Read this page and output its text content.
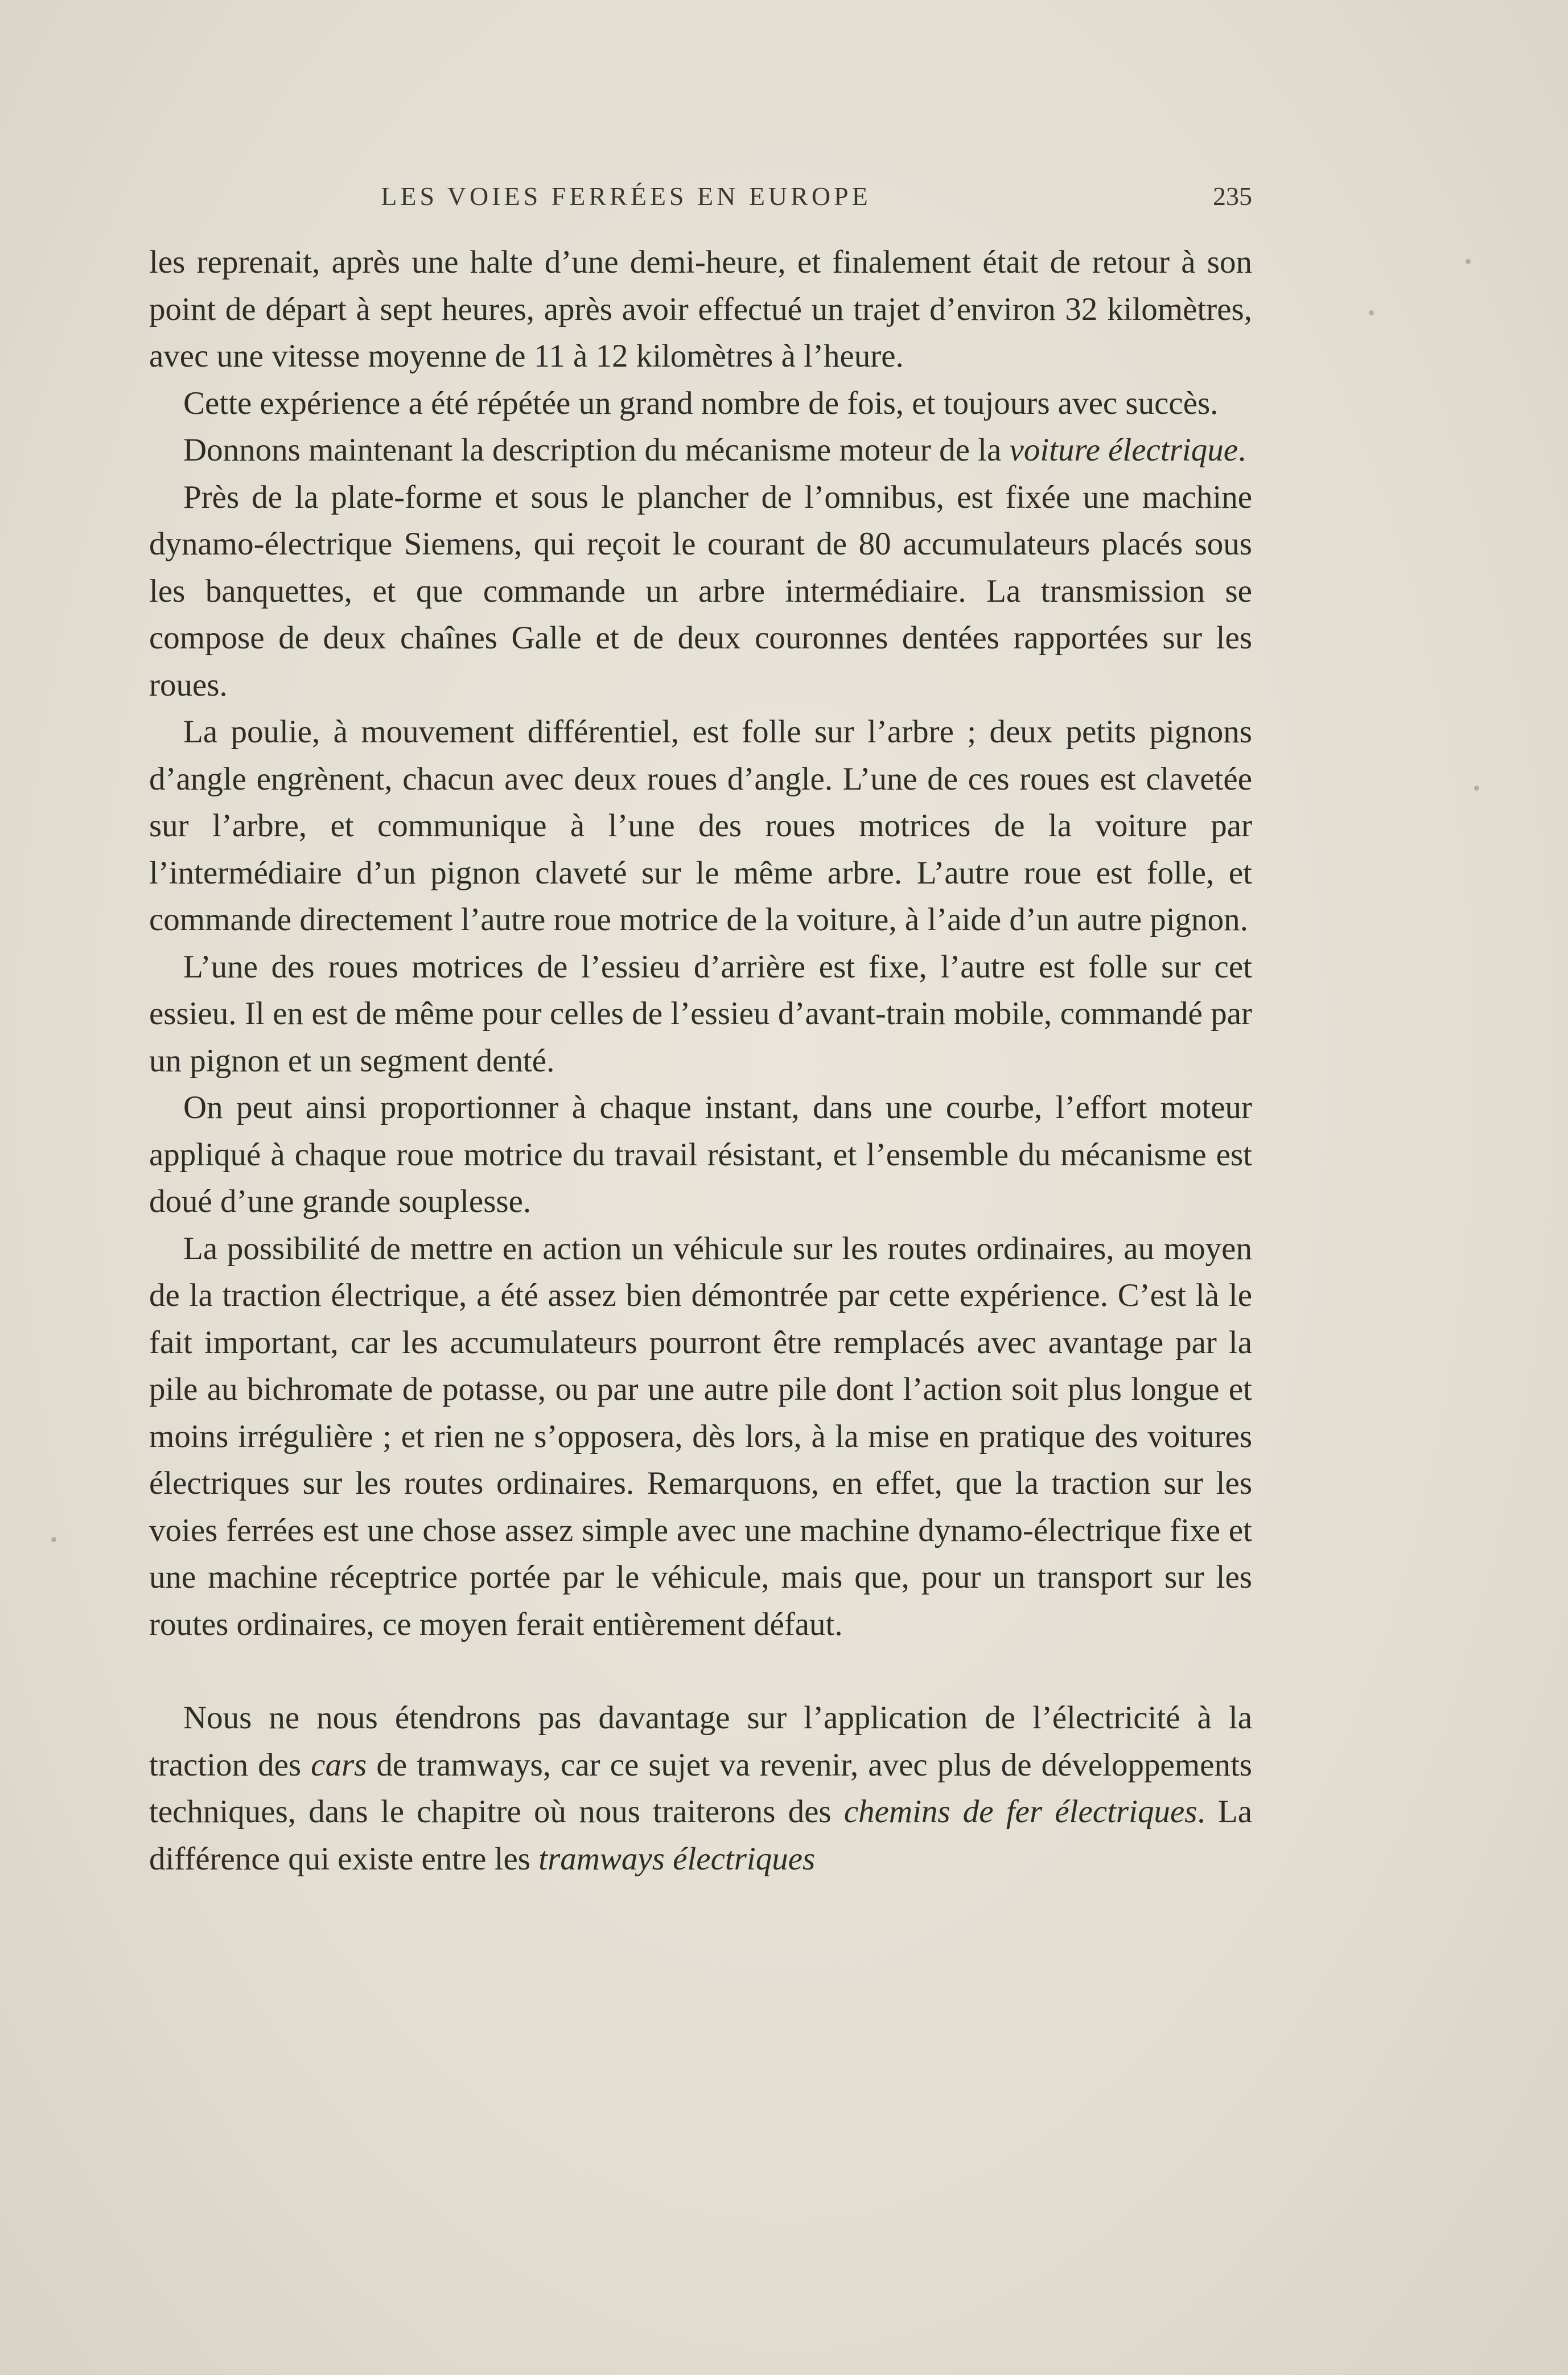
LES VOIES FERRÉES EN EUROPE	235

les reprenait, après une halte d’une demi-heure, et finalement était de retour à son point de départ à sept heures, après avoir effectué un trajet d’environ 32 kilomètres, avec une vitesse moyenne de 11 à 12 kilomètres à l’heure.

Cette expérience a été répétée un grand nombre de fois, et toujours avec succès.

Donnons maintenant la description du mécanisme moteur de la voiture électrique.

Près de la plate-forme et sous le plancher de l’omnibus, est fixée une machine dynamo-électrique Siemens, qui reçoit le courant de 80 accumulateurs placés sous les banquettes, et que commande un arbre intermédiaire. La transmission se compose de deux chaînes Galle et de deux couronnes dentées rapportées sur les roues.

La poulie, à mouvement différentiel, est folle sur l’arbre ; deux petits pignons d’angle engrènent, chacun avec deux roues d’angle. L’une de ces roues est clavetée sur l’arbre, et communique à l’une des roues motrices de la voiture par l’intermédiaire d’un pignon claveté sur le même arbre. L’autre roue est folle, et commande directement l’autre roue motrice de la voiture, à l’aide d’un autre pignon.

L’une des roues motrices de l’essieu d’arrière est fixe, l’autre est folle sur cet essieu. Il en est de même pour celles de l’essieu d’avant-train mobile, commandé par un pignon et un segment denté.

On peut ainsi proportionner à chaque instant, dans une courbe, l’effort moteur appliqué à chaque roue motrice du travail résistant, et l’ensemble du mécanisme est doué d’une grande souplesse.

La possibilité de mettre en action un véhicule sur les routes ordinaires, au moyen de la traction électrique, a été assez bien démontrée par cette expérience. C’est là le fait important, car les accumulateurs pourront être remplacés avec avantage par la pile au bichromate de potasse, ou par une autre pile dont l’action soit plus longue et moins irrégulière ; et rien ne s’opposera, dès lors, à la mise en pratique des voitures électriques sur les routes ordinaires. Remarquons, en effet, que la traction sur les voies ferrées est une chose assez simple avec une machine dynamo-électrique fixe et une machine réceptrice portée par le véhicule, mais que, pour un transport sur les routes ordinaires, ce moyen ferait entièrement défaut.

Nous ne nous étendrons pas davantage sur l’application de l’électricité à la traction des cars de tramways, car ce sujet va revenir, avec plus de développements techniques, dans le chapitre où nous traiterons des chemins de fer électriques. La différence qui existe entre les tramways électriques
